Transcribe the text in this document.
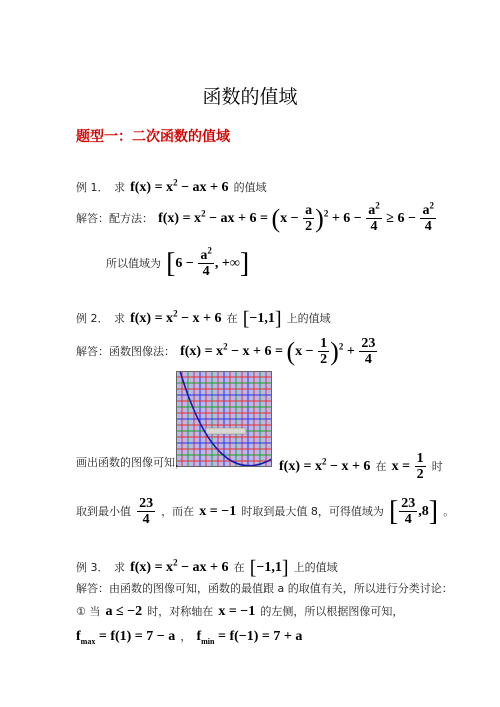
函数的值域
题型一：二次函数的值域
例 1．　求 $f(x) = x^2$ − ax + 6 的值域
解答：配方法： $f(x) = x^2$ − ax + $6 = (x - \frac{a}{2} )^2 + 6 - \frac{a^2}{4} \ge 6 - \frac{a^2}{4}$
所以值域为 [$6 - \frac{a^2}{4}$ , +∞]
例 2．　求 $f(x) = x^2 - x + 6$ 在 [−1,1] 上的值域
解答：函数图像法： $f(x) = x^2 - x + 6 = (x - \frac{1}{2} )^2 + \frac{23}{4}$
画出函数的图像可知，	$f(x) = x^2 - x + 6$ 在 $x = \frac{1}{2}$ 时
取到最小值 $\frac{23}{4}$ ，而在 x = −1 时取到最大值 8，可得值域为 [ $\frac{23}{4} ,8$] 。
例 3．　求 $f(x) = x^2$ − ax + 6 在 [−1,1] 上的值域
解答：由函数的图像可知，函数的最值跟 a 的取值有关，所以进行分类讨论：
① 当 a ≤ −2 时，对称轴在 x = −1 的左侧，所以根据图像可知，
$f_{max} = f(1) = 7 - a$ ， $f_{min} = f(-1) = 7 + a$
